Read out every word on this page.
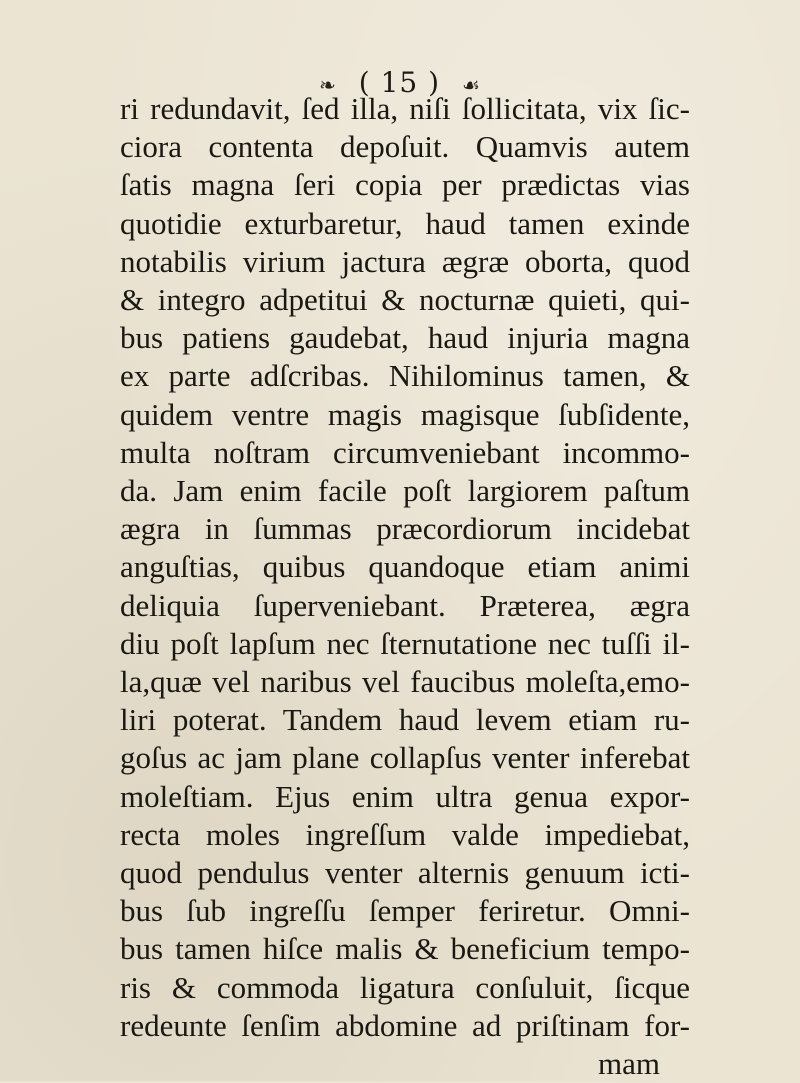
❧ ( 15 ) ☙
ri redundavit, ſed illa, niſi ſollicitata, vix ſic-
ciora contenta depoſuit. Quamvis autem
ſatis magna ſeri copia per prædictas vias
quotidie exturbaretur, haud tamen exinde
notabilis virium jactura ægræ oborta, quod
& integro adpetitui & nocturnæ quieti, qui-
bus patiens gaudebat, haud injuria magna
ex parte adſcribas. Nihilominus tamen, &
quidem ventre magis magisque ſubſidente,
multa noſtram circumveniebant incommo-
da. Jam enim facile poſt largiorem paſtum
ægra in ſummas præcordiorum incidebat
anguſtias, quibus quandoque etiam animi
deliquia ſuperveniebant. Præterea, ægra
diu poſt lapſum nec ſternutatione nec tuſſi il-
la,quæ vel naribus vel faucibus moleſta,emo-
liri poterat. Tandem haud levem etiam ru-
goſus ac jam plane collapſus venter inferebat
moleſtiam. Ejus enim ultra genua expor-
recta moles ingreſſum valde impediebat,
quod pendulus venter alternis genuum icti-
bus ſub ingreſſu ſemper feriretur. Omni-
bus tamen hiſce malis & beneficium tempo-
ris & commoda ligatura conſuluit, ſicque
redeunte ſenſim abdomine ad priſtinam for-
mam
